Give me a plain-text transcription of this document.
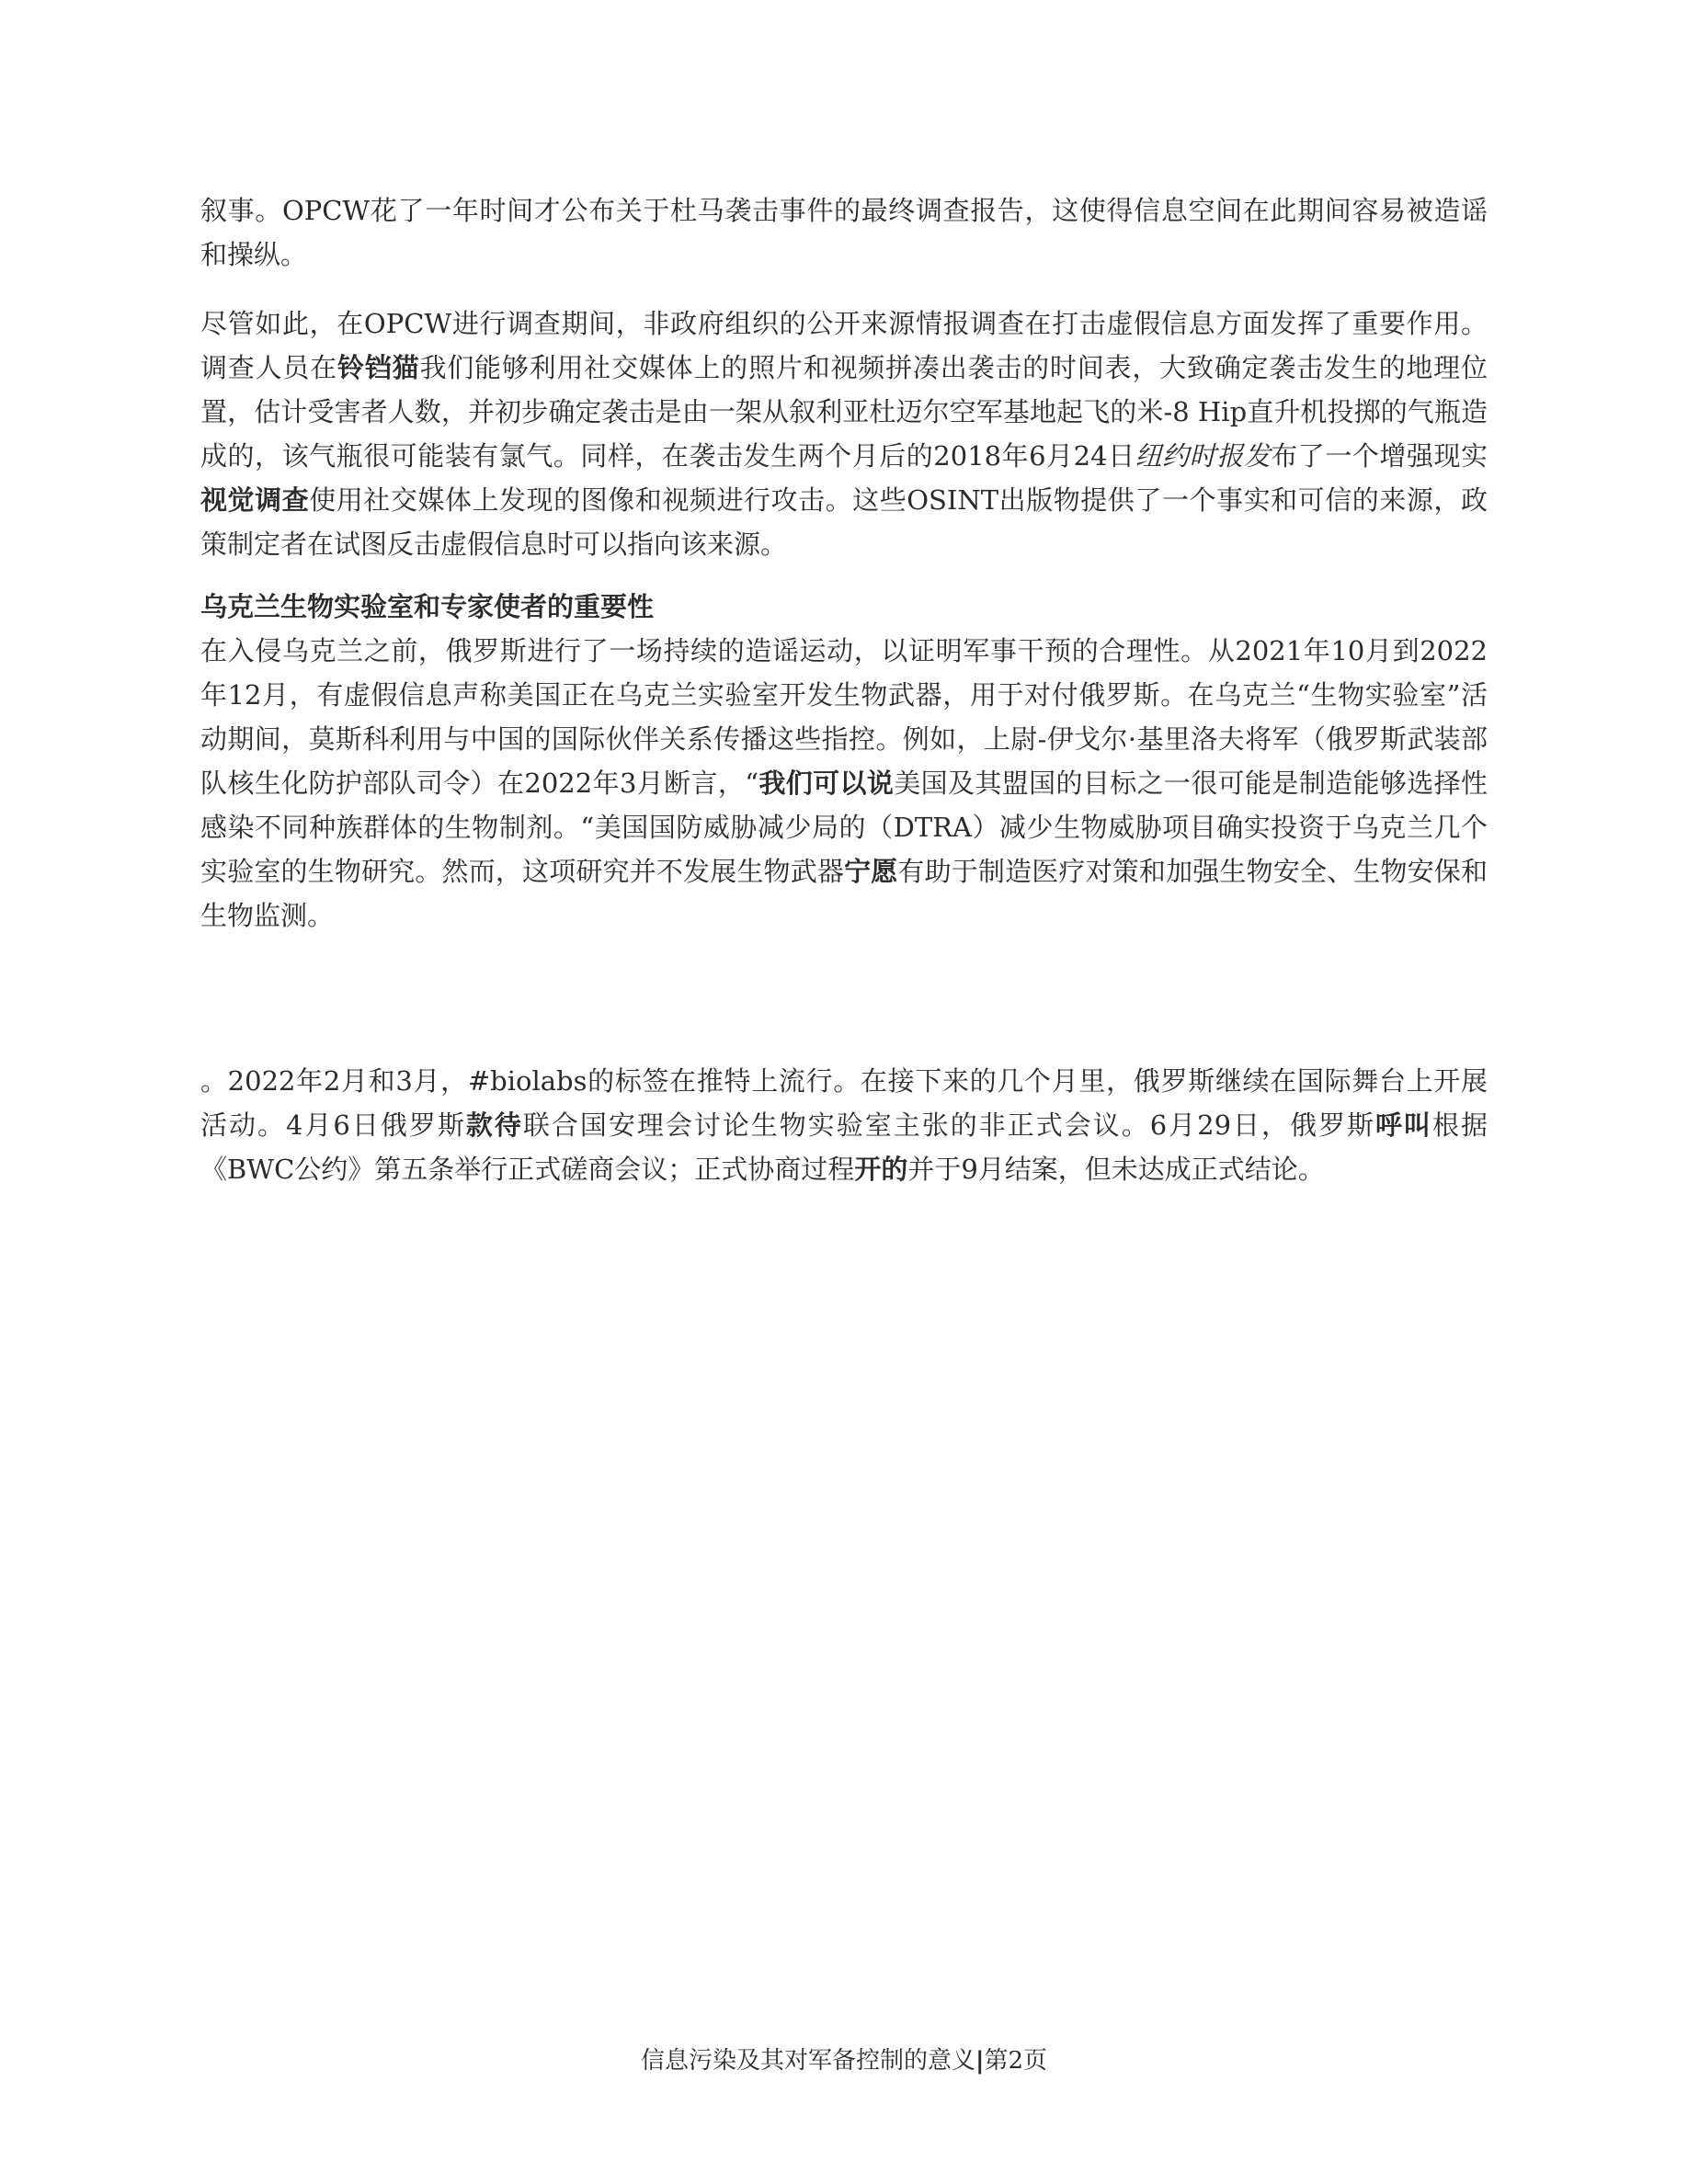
叙事。OPCW花了一年时间才公布关于杜马袭击事件的最终调查报告，这使得信息空间在此期间容易被造谣和操纵。

尽管如此，在OPCW进行调查期间，非政府组织的公开来源情报调查在打击虚假信息方面发挥了重要作用。调查人员在铃铛猫我们能够利用社交媒体上的照片和视频拼凑出袭击的时间表，大致确定袭击发生的地理位置，估计受害者人数，并初步确定袭击是由一架从叙利亚杜迈尔空军基地起飞的米-8 Hip直升机投掷的气瓶造成的，该气瓶很可能装有氯气。同样，在袭击发生两个月后的2018年6月24日纽约时报发布了一个增强现实视觉调查使用社交媒体上发现的图像和视频进行攻击。这些OSINT出版物提供了一个事实和可信的来源，政策制定者在试图反击虚假信息时可以指向该来源。

乌克兰生物实验室和专家使者的重要性

在入侵乌克兰之前，俄罗斯进行了一场持续的造谣运动，以证明军事干预的合理性。从2021年10月到2022年12月，有虚假信息声称美国正在乌克兰实验室开发生物武器，用于对付俄罗斯。在乌克兰“生物实验室”活动期间，莫斯科利用与中国的国际伙伴关系传播这些指控。例如，上尉-伊戈尔·基里洛夫将军（俄罗斯武装部队核生化防护部队司令）在2022年3月断言，“我们可以说美国及其盟国的目标之一很可能是制造能够选择性感染不同种族群体的生物制剂。“美国国防威胁减少局的（DTRA）减少生物威胁项目确实投资于乌克兰几个实验室的生物研究。然而，这项研究并不发展生物武器宁愿有助于制造医疗对策和加强生物安全、生物安保和生物监测。

。2022年2月和3月，#biolabs的标签在推特上流行。在接下来的几个月里，俄罗斯继续在国际舞台上开展活动。4月6日俄罗斯款待联合国安理会讨论生物实验室主张的非正式会议。6月29日，俄罗斯呼叫根据《BWC公约》第五条举行正式磋商会议；正式协商过程开的并于9月结案，但未达成正式结论。

信息污染及其对军备控制的意义|第2页
